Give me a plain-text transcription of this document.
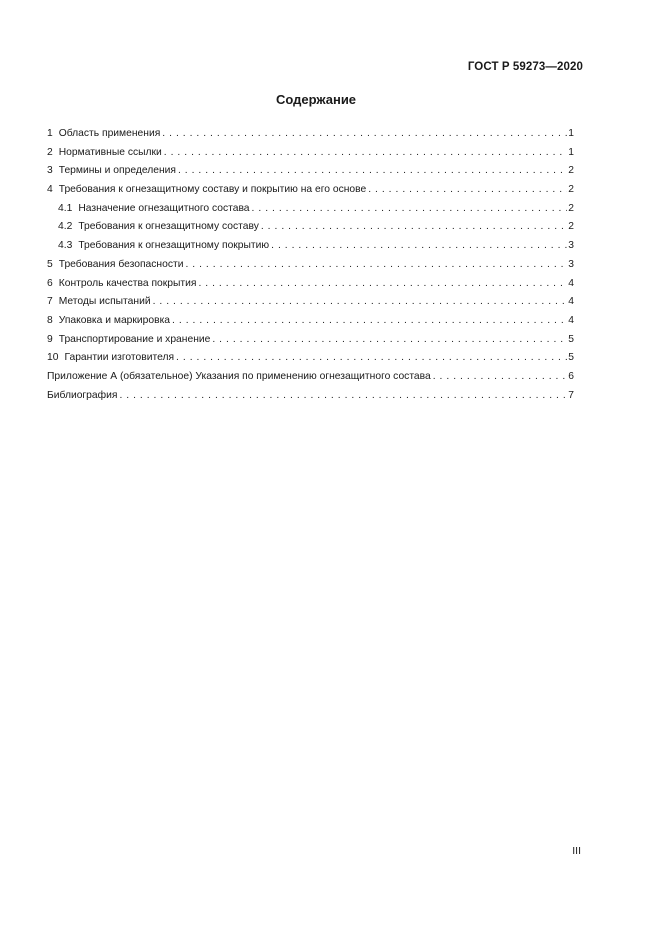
ГОСТ Р 59273—2020
Содержание
1 Область применения . . .	1
2 Нормативные ссылки . . .	1
3 Термины и определения . . .	2
4 Требования к огнезащитному составу и покрытию на его основе . . .	2
4.1 Назначение огнезащитного состава . . .	2
4.2 Требования к огнезащитному составу . . .	2
4.3 Требования к огнезащитному покрытию . . .	3
5 Требования безопасности . . .	3
6 Контроль качества покрытия . . .	4
7 Методы испытаний . . .	4
8 Упаковка и маркировка . . .	4
9 Транспортирование и хранение . . .	5
10 Гарантии изготовителя . . .	5
Приложение А (обязательное) Указания по применению огнезащитного состава . . .	6
Библиография . . .	7
III
